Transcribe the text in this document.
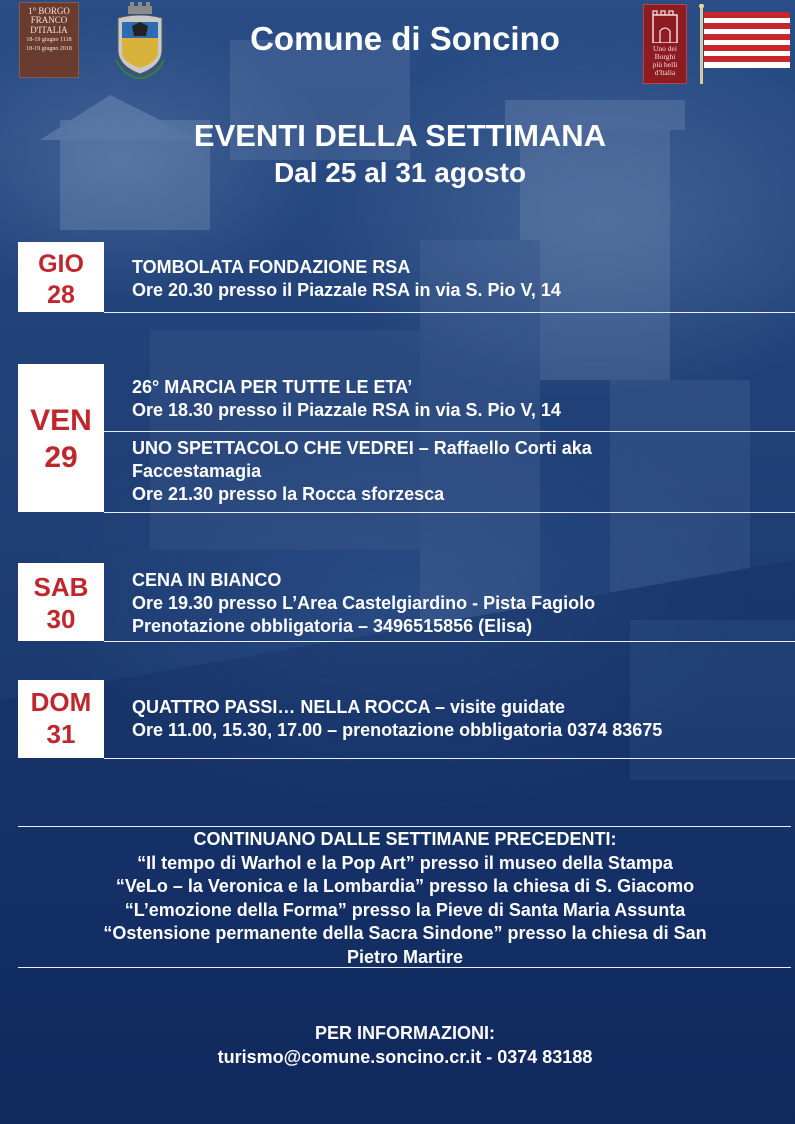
1° BORGO
FRANCO
D'ITALIA
18-19 giugno 1118
18-19 giugno 2018	Comune di Soncino	Uno dei
Borghi
più belli
d'Italia
EVENTI DELLA SETTIMANA
Dal 25 al 31 agosto
GIO
28
TOMBOLATA FONDAZIONE RSA
Ore 20.30 presso il Piazzale RSA in via S. Pio V, 14
VEN
29
26° MARCIA PER TUTTE LE ETA’
Ore 18.30 presso il Piazzale RSA in via S. Pio V, 14
UNO SPETTACOLO CHE VEDREI – Raffaello Corti aka
Faccestamagia
Ore 21.30 presso la Rocca sforzesca
SAB
30
CENA IN BIANCO
Ore 19.30 presso L’Area Castelgiardino - Pista Fagiolo
Prenotazione obbligatoria – 3496515856 (Elisa)
DOM
31
QUATTRO PASSI… NELLA ROCCA – visite guidate
Ore 11.00, 15.30, 17.00 – prenotazione obbligatoria 0374 83675
CONTINUANO DALLE SETTIMANE PRECEDENTI:
“Il tempo di Warhol e la Pop Art” presso il museo della Stampa
“VeLo – la Veronica e la Lombardia” presso la chiesa di S. Giacomo
“L’emozione della Forma” presso la Pieve di Santa Maria Assunta
“Ostensione permanente della Sacra Sindone” presso la chiesa di San
Pietro Martire
PER INFORMAZIONI:
turismo@comune.soncino.cr.it - 0374 83188
